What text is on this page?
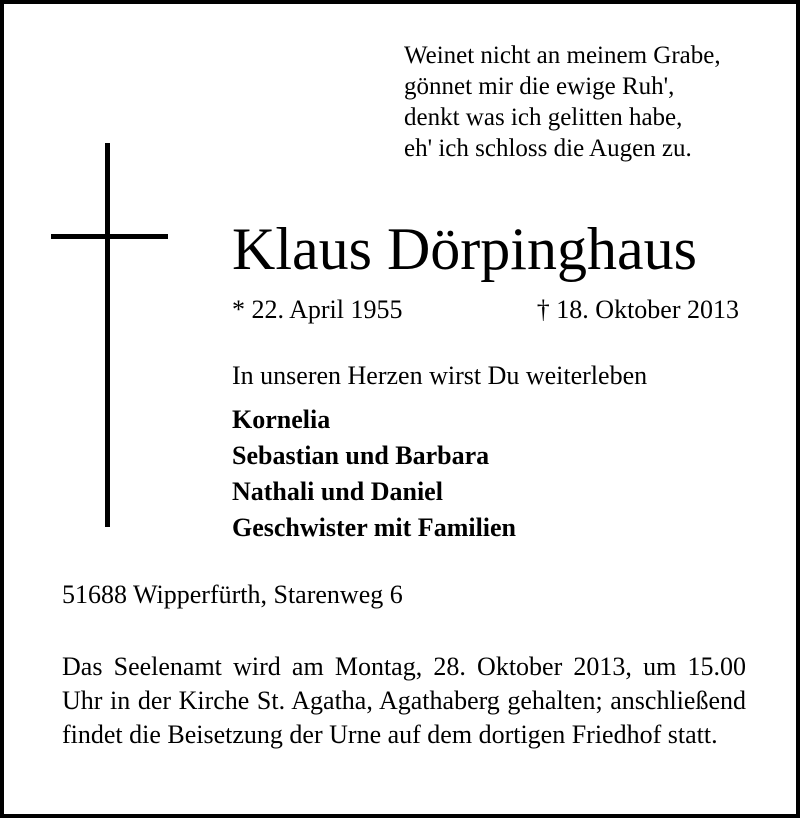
Weinet nicht an meinem Grabe,
gönnet mir die ewige Ruh',
denkt was ich gelitten habe,
eh' ich schloss die Augen zu.
Klaus Dörpinghaus
* 22. April 1955	† 18. Oktober 2013
In unseren Herzen wirst Du weiterleben
Kornelia
Sebastian und Barbara
Nathali und Daniel
Geschwister mit Familien
51688 Wipperfürth, Starenweg 6
Das Seelenamt wird am Montag, 28. Oktober 2013, um 15.00 Uhr in der Kirche St. Agatha, Agathaberg gehalten; anschließend findet die Beisetzung der Urne auf dem dortigen Friedhof statt.
